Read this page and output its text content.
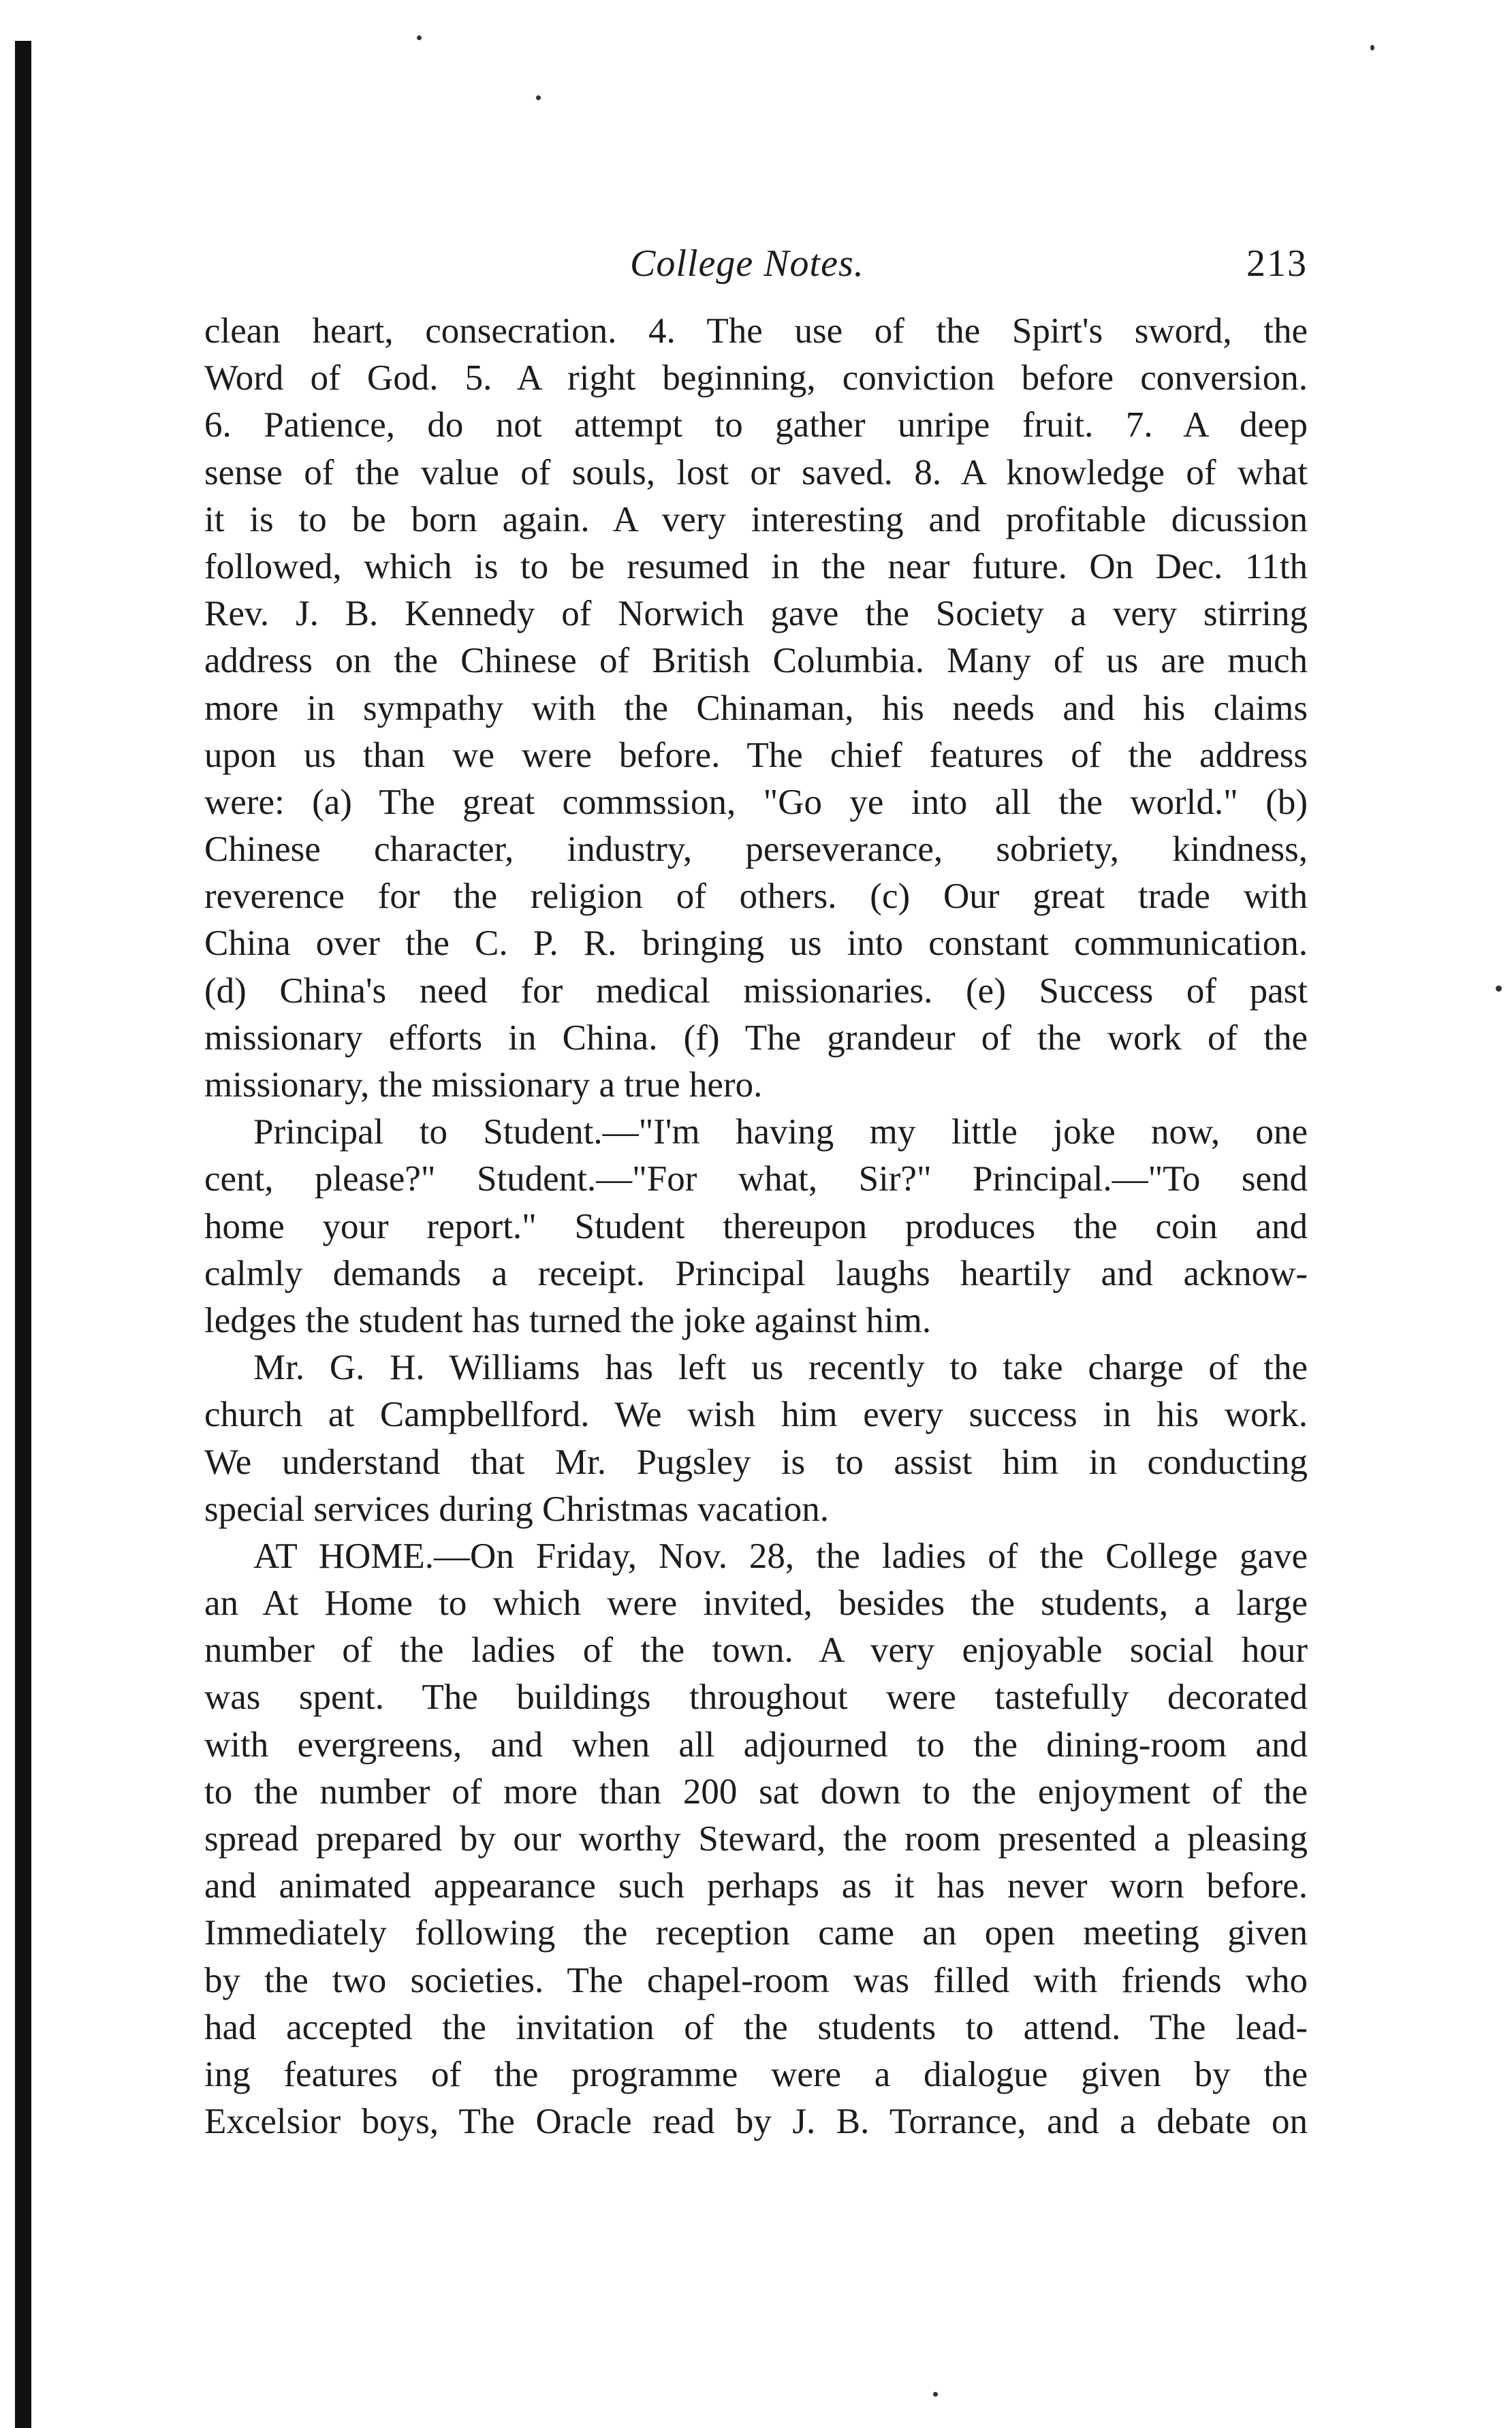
College Notes.	213
clean heart, consecration. 4. The use of the Spirt's sword, the
Word of God. 5. A right beginning, conviction before conversion.
6. Patience, do not attempt to gather unripe fruit. 7. A deep
sense of the value of souls, lost or saved. 8. A knowledge of what
it is to be born again. A very interesting and profitable dicussion
followed, which is to be resumed in the near future. On Dec. 11th
Rev. J. B. Kennedy of Norwich gave the Society a very stirring
address on the Chinese of British Columbia. Many of us are much
more in sympathy with the Chinaman, his needs and his claims
upon us than we were before. The chief features of the address
were: (a) The great commssion, "Go ye into all the world." (b)
Chinese character, industry, perseverance, sobriety, kindness,
reverence for the religion of others. (c) Our great trade with
China over the C. P. R. bringing us into constant communication.
(d) China's need for medical missionaries. (e) Success of past
missionary efforts in China. (f) The grandeur of the work of the
missionary, the missionary a true hero.
Principal to Student.—"I'm having my little joke now, one
cent, please?" Student.—"For what, Sir?" Principal.—"To send
home your report." Student thereupon produces the coin and
calmly demands a receipt. Principal laughs heartily and acknow-
ledges the student has turned the joke against him.
Mr. G. H. Williams has left us recently to take charge of the
church at Campbellford. We wish him every success in his work.
We understand that Mr. Pugsley is to assist him in conducting
special services during Christmas vacation.
AT HOME.—On Friday, Nov. 28, the ladies of the College gave
an At Home to which were invited, besides the students, a large
number of the ladies of the town. A very enjoyable social hour
was spent. The buildings throughout were tastefully decorated
with evergreens, and when all adjourned to the dining-room and
to the number of more than 200 sat down to the enjoyment of the
spread prepared by our worthy Steward, the room presented a pleasing
and animated appearance such perhaps as it has never worn before.
Immediately following the reception came an open meeting given
by the two societies. The chapel-room was filled with friends who
had accepted the invitation of the students to attend. The lead-
ing features of the programme were a dialogue given by the
Excelsior boys, The Oracle read by J. B. Torrance, and a debate on
